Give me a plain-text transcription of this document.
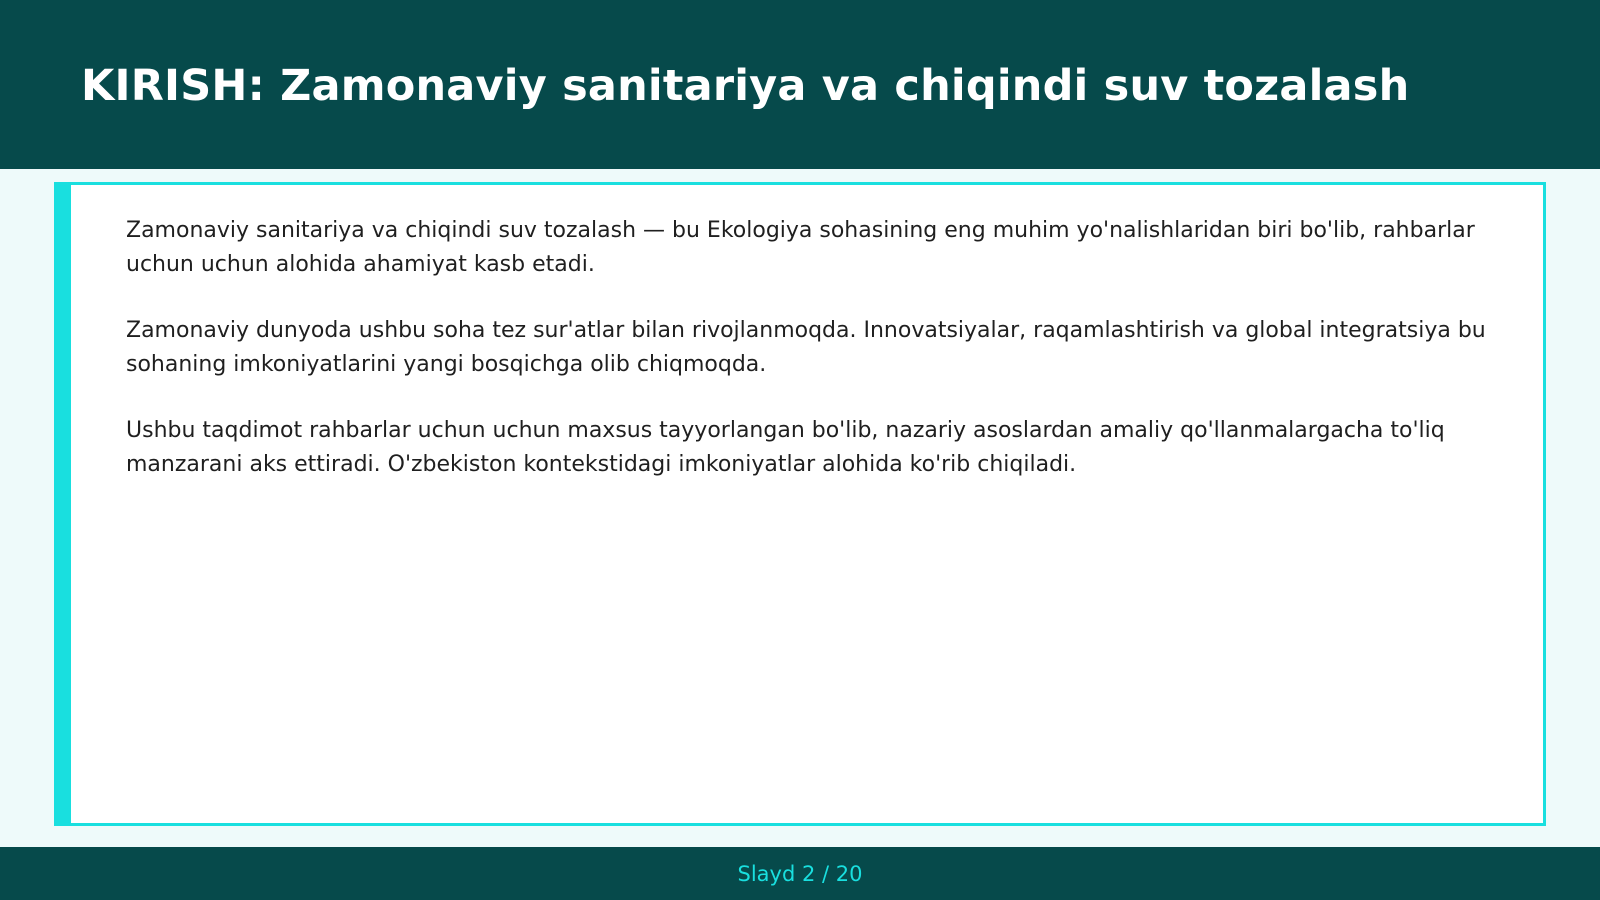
KIRISH: Zamonaviy sanitariya va chiqindi suv tozalash

Zamonaviy sanitariya va chiqindi suv tozalash — bu Ekologiya sohasining eng muhim yo'nalishlaridan biri bo'lib, rahbarlar uchun uchun alohida ahamiyat kasb etadi.

Zamonaviy dunyoda ushbu soha tez sur'atlar bilan rivojlanmoqda. Innovatsiyalar, raqamlashtirish va global integratsiya bu sohaning imkoniyatlarini yangi bosqichga olib chiqmoqda.

Ushbu taqdimot rahbarlar uchun uchun maxsus tayyorlangan bo'lib, nazariy asoslardan amaliy qo'llanmalargacha to'liq manzarani aks ettiradi. O'zbekiston kontekstidagi imkoniyatlar alohida ko'rib chiqiladi.

Slayd 2 / 20
